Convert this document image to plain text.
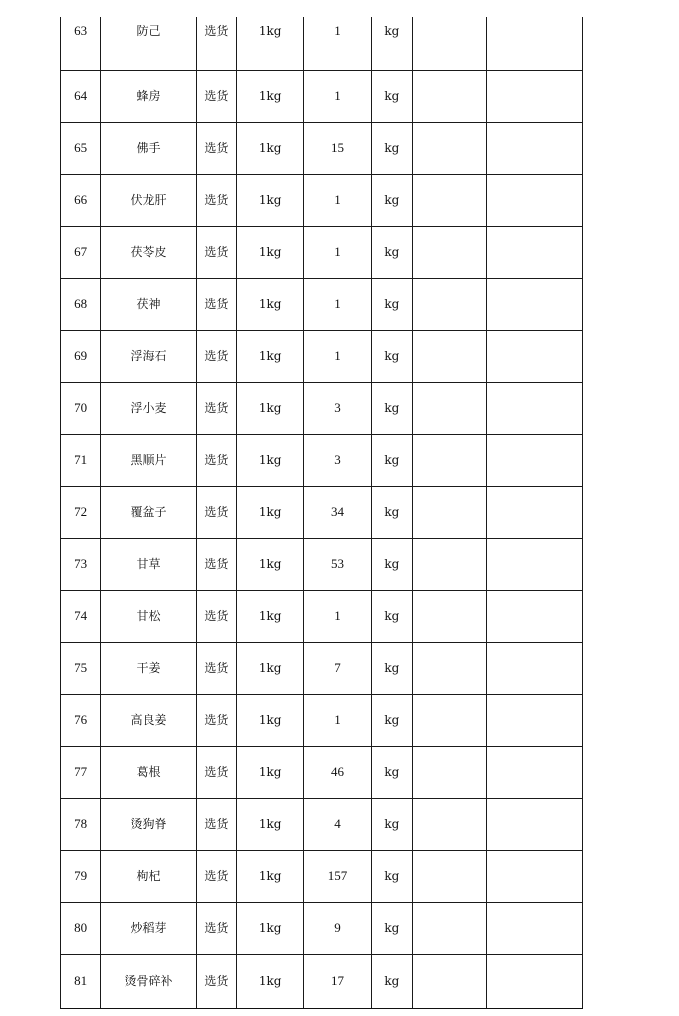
63	防己	选货	1kg	1	kg		
64	蜂房	选货	1kg	1	kg		
65	佛手	选货	1kg	15	kg		
66	伏龙肝	选货	1kg	1	kg		
67	茯苓皮	选货	1kg	1	kg		
68	茯神	选货	1kg	1	kg		
69	浮海石	选货	1kg	1	kg		
70	浮小麦	选货	1kg	3	kg		
71	黑顺片	选货	1kg	3	kg		
72	覆盆子	选货	1kg	34	kg		
73	甘草	选货	1kg	53	kg		
74	甘松	选货	1kg	1	kg		
75	干姜	选货	1kg	7	kg		
76	高良姜	选货	1kg	1	kg		
77	葛根	选货	1kg	46	kg		
78	烫狗脊	选货	1kg	4	kg		
79	枸杞	选货	1kg	157	kg		
80	炒稻芽	选货	1kg	9	kg		
81	烫骨碎补	选货	1kg	17	kg		
